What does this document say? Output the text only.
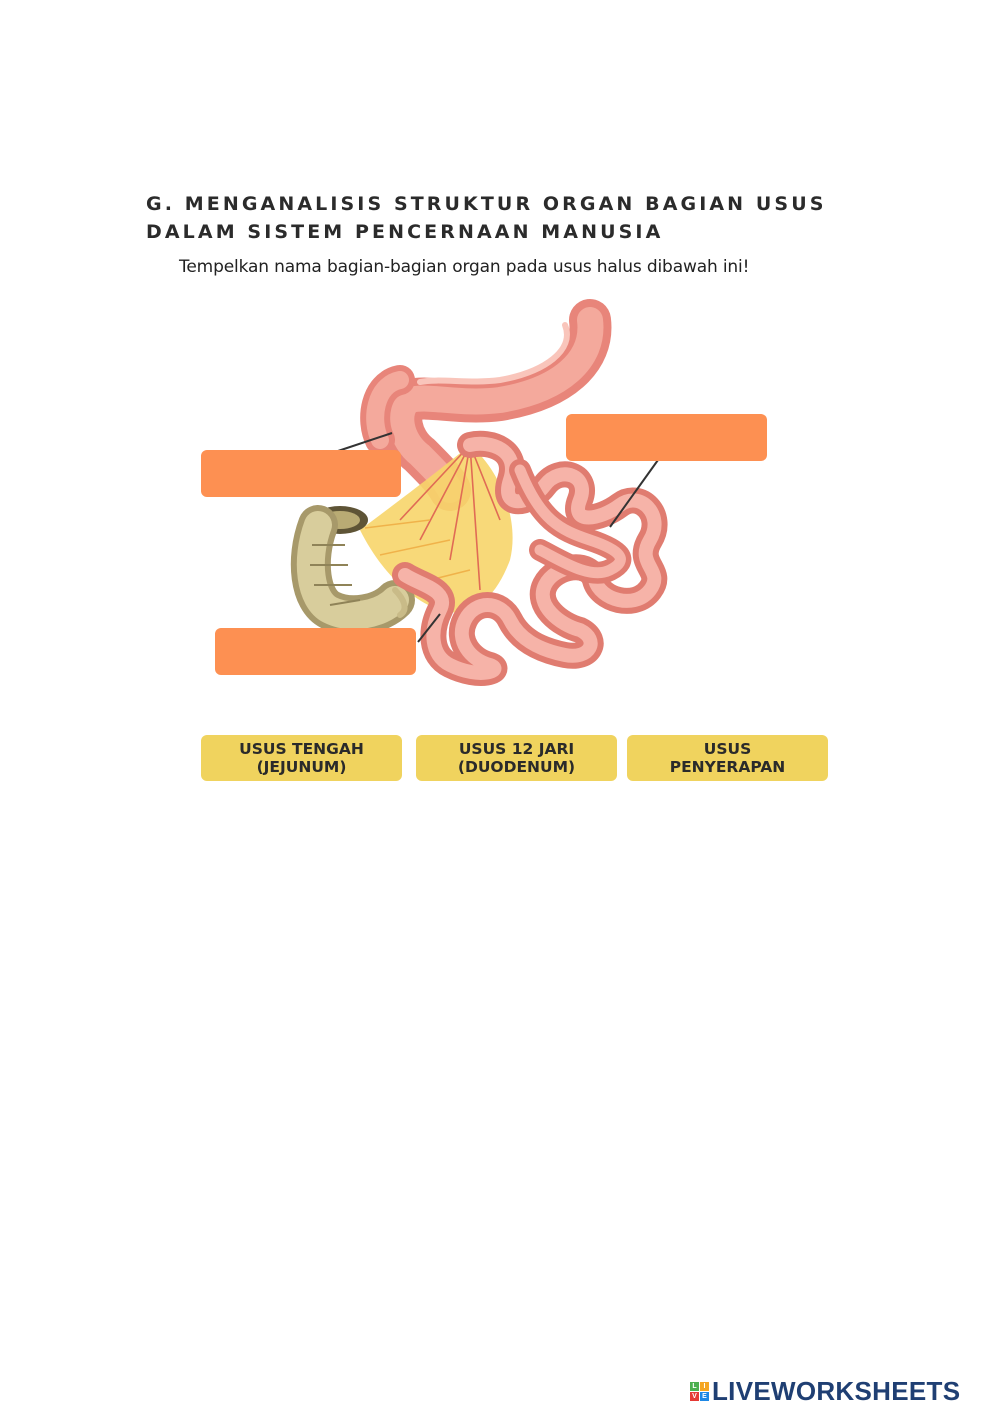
G. MENGANALISIS STRUKTUR ORGAN BAGIAN USUS
DALAM SISTEM PENCERNAAN MANUSIA
Tempelkan nama bagian-bagian organ pada usus halus dibawah ini!
USUS TENGAH
(JEJUNUM)
USUS 12 JARI
(DUODENUM)
USUS
PENYERAPAN
L I
V E LIVEWORKSHEETS
